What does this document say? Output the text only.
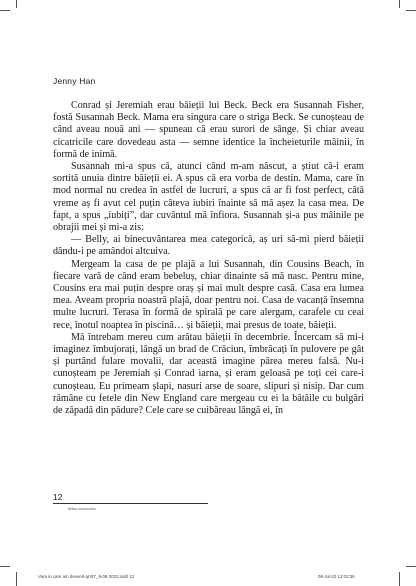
Jenny Han

Conrad și Jeremiah erau băieții lui Beck. Beck era Susannah Fisher, fostă Susannah Beck. Mama era singura care o striga Beck. Se cunoșteau de când aveau nouă ani — spuneau că erau surori de sânge. Și chiar aveau cicatricile care dovedeau asta — semne identice la încheieturile mâinii, în formă de inimă.

Susannah mi-a spus că, atunci când m-am născut, a știut că-i eram sortită unuia dintre băieții ei. A spus că era vorba de destin. Mama, care în mod normal nu credea în astfel de lucruri, a spus că ar fi fost perfect, câtă vreme aș fi avut cel puțin câteva iubiri înainte să mă așez la casa mea. De fapt, a spus „iubiți”, dar cuvântul mă înfiora. Susannah și-a pus mâinile pe obrajii mei și mi-a zis:

— Belly, ai binecuvântarea mea categorică, aș uri să-mi pierd băieții dându-i pe amândoi altcuiva.

Mergeam la casa de pe plajă a lui Susannah, din Cousins Beach, în fiecare vară de când eram bebeluș, chiar dinainte să mă nasc. Pentru mine, Cousins era mai puțin despre oraș și mai mult despre casă. Casa era lumea mea. Aveam propria noastră plajă, doar pentru noi. Casa de vacanță însemna multe lucruri. Terasa în formă de spirală pe care alergam, carafele cu ceai rece, înotul noaptea în piscină… și băieții, mai presus de toate, băieții.

Mă întrebam mereu cum arătau băieții în decembrie. Încercam să mi-i imaginez îmbujorați, lângă un brad de Crăciun, îmbrăcați în pulovere pe gât și purtând fulare movalii, dar această imagine părea mereu falsă. Nu-i cunoșteam pe Jeremiah și Conrad iarna, și eram geloasă pe toți cei care-i cunoșteau. Eu primeam șlapi, nasuri arse de soare, slipuri și nisip. Dar cum rămâne cu fetele din New England care mergeau cu ei la bătăile cu bulgări de zăpadă din pădure? Cele care se cuibăreau lângă ei, în

12
fiction connection
Vara in care am devenit-ąt BT_8-08-2022.indd 12	08-Jul-22 12:02:36
